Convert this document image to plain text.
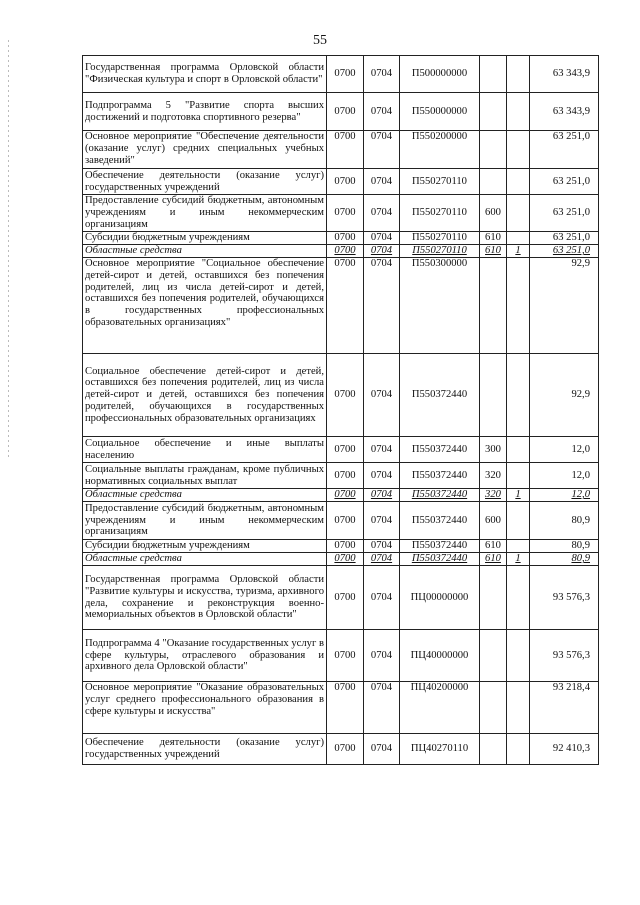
55
Государственная программа Орловской области "Физическая культура и спорт в Орловской области"	0700	0704	П500000000			63 343,9
Подпрограмма 5 "Развитие спорта высших достижений и подготовка спортивного резерва"	0700	0704	П550000000			63 343,9
Основное мероприятие "Обеспечение деятельности (оказание услуг) средних специальных учебных заведений"	0700	0704	П550200000			63 251,0
Обеспечение деятельности (оказание услуг) государственных учреждений	0700	0704	П550270110			63 251,0
Предоставление субсидий бюджетным, автономным учреждениям и иным некоммерческим организациям	0700	0704	П550270110	600		63 251,0
Субсидии бюджетным учреждениям	0700	0704	П550270110	610		63 251,0
Областные средства	0700	0704	П550270110	610	1	63 251,0
Основное мероприятие "Социальное обеспечение детей-сирот и детей, оставшихся без попечения родителей, лиц из числа детей-сирот и детей, оставшихся без попечения родителей, обучающихся в государственных профессиональных образовательных организациях"	0700	0704	П550300000			92,9
Социальное обеспечение детей-сирот и детей, оставшихся без попечения родителей, лиц из числа детей-сирот и детей, оставшихся без попечения родителей, обучающихся в государственных профессиональных образовательных организациях	0700	0704	П550372440			92,9
Социальное обеспечение и иные выплаты населению	0700	0704	П550372440	300		12,0
Социальные выплаты гражданам, кроме публичных нормативных социальных выплат	0700	0704	П550372440	320		12,0
Областные средства	0700	0704	П550372440	320	1	12,0
Предоставление субсидий бюджетным, автономным учреждениям и иным некоммерческим организациям	0700	0704	П550372440	600		80,9
Субсидии бюджетным учреждениям	0700	0704	П550372440	610		80,9
Областные средства	0700	0704	П550372440	610	1	80,9
Государственная программа Орловской области "Развитие культуры и искусства, туризма, архивного дела, сохранение и реконструкция военно-мемориальных объектов в Орловской области"	0700	0704	ПЦ00000000			93 576,3
Подпрограмма 4 "Оказание государственных услуг в сфере культуры, отраслевого образования и архивного дела Орловской области"	0700	0704	ПЦ40000000			93 576,3
Основное мероприятие "Оказание образовательных услуг среднего профессионального образования в сфере культуры и искусства"	0700	0704	ПЦ40200000			93 218,4
Обеспечение деятельности (оказание услуг) государственных учреждений	0700	0704	ПЦ40270110			92 410,3
